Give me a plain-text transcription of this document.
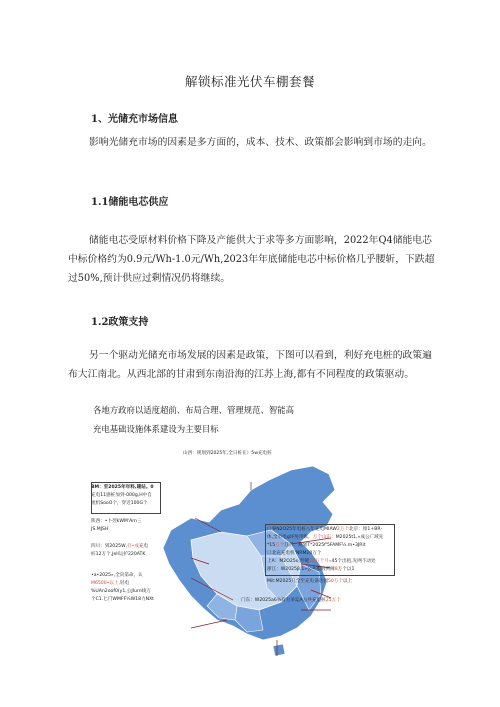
解锁标准光伏车棚套餐
1、光储充市场信息

影响光储充市场的因素是多方面的，成本、技术、政策都会影响到市场的走向。

1.1储能电芯供应

储能电芯受原材料价格下降及产能供大于求等多方面影响，2022年Q4储能电芯中标价格约为0.9元/Wh-1.0元/Wh,2023年年底储能电芯中标价格几乎腰斩，下跌超过50%,预计供应过剩情况仍将继续。

1.2政策支持

另一个驱动光储充市场发展的因素是政策，下图可以看到，利好充电桩的政策遍布大江南北。从西北部的甘肃到东南沿海的江苏上海,都有不同程度的政策驱动。

各地方政府以适度超前、布局合理、管理规范、智能高
充电基础设施体系建设为主要目标
山西：规划到2025年,全日桩在）5w充电桩
BM：至2025年年料,建站。0
充电11感桩加到-000g,H中自
流机SooO个，穿近100G个
陕西：•卜翌kWM'Arn三
JS.MJSH
四川：到2025W,打•成充电
桩12万个,Jell运护220ATK
•a•2025»,全向第命，认
M6500•以上,轻电
%UAn2oof0(y1,公Jlurn线万
个C1.匕门WMFF¼W18力NXt
口零N2O25年电桩八年充电MIAW2万个北京：推1+BR·
体,全市电g坏免用帐，万个山东：M2025t1,»成公广域先
*15万个江苏：规划T*2025f'5FAMF¼.m•3JRit
口北充充电机'NRM20万个
上A：M2O25o,形键20万个月»45个出租,先网不动处
浙江：W2025β.1»公共服锻例薄8万个以1
Mit:M2025几全至充电条达到50万个以上
门东：W2025a6⅜有力争迄A公共充电桩25万个
